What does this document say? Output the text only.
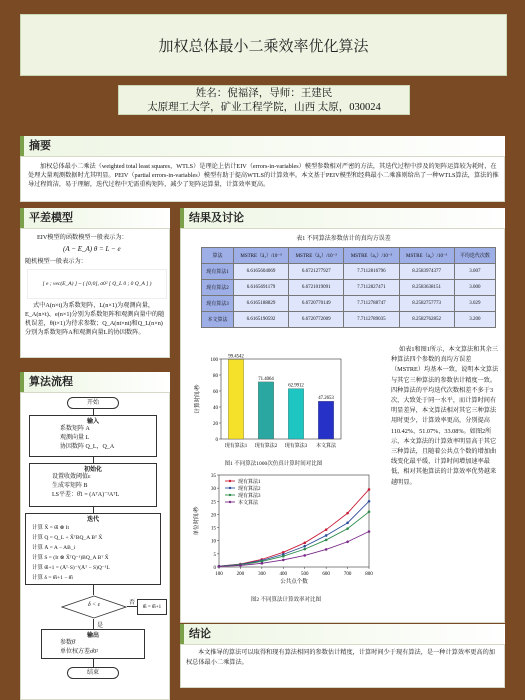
加权总体最小二乘效率优化算法
姓名：倪福泽，导师：王建民
太原理工大学，矿业工程学院，山西 太原，030024
摘要
加权总体最小二乘法（weighted total least squares，WTLS）是理论上估计EIV（errors-in-variables）模型参数相对严密的方法，其迭代过程中涉及的矩阵运算较为耗时，在处理大量观测数据时尤其明显。PEIV（partial errors-in-variables）模型有助于提高WTLS的计算效率。本文基于PEIV模型和经典最小二乘准则给出了一种WTLS算法，算法的推导过程简洁，易于理解，迭代过程中无需重构矩阵，减少了矩阵运算量，计算效率更高。
平差模型
EIV模型的函数模型一般表示为：
(A − E_A) θ = L − e
随机模型一般表示为：
[ e ; vec(E_A) ] ~ ( [0;0], σ0² [ Q_L 0 ; 0 Q_A ] )
式中A(n×t)为系数矩阵，L(n×1)为观测向量，E_A(n×t)、e(n×1)分别为系数矩阵和观测向量中的随机误差，θ(t×1)为待求参数；Q_A(nt×nt)和Q_L(n×n)分别为系数矩阵A和观测向量L的协因数阵。
算法流程
开始
输入
系数矩阵 A
观测向量 L
协因数阵 Q_L，Q_A
初始化
设置收敛阈值ε
生成零矩阵 B
LS平差：θ̂1 = (AᵀA)⁻¹AᵀL
迭代
计算 X̂ = θ̂i ⊗ It
计算 Q = Q_L + X̂ᵀBQ_A Bᵀ X̂
计算 Ā = A − AB_i
计算 S = (It ⊗ X̂ᵀQ⁻¹)BQ_A Bᵀ X̂
计算 θ̂i+1 = (Āᵀ·S)⁻¹(Āᵀ − S)Q⁻¹L
计算 δ = θ̂i+1 − θ̂i
δ < ε	否
θ̂i = θ̂i+1
是
输出
参数θ̂
单位权方差σ̂0²
结束
结果及讨论
表1 不同算法参数估计的真均方误差
算法	MSTRE（â₁）/10⁻³	MSTRE（â₂）/10⁻³	MSTRE（a₃）/10⁻³	MSTRE（a₄）/10⁻³	平均迭代次数
现有算法1	6.6165604069	6.6721277927	7.7112816796	8.2583974377	3.007
现有算法2	6.6165691179	6.6721019091	7.7112827471	8.2583638151	3.000
现有算法3	6.6165188829	6.6720770149	7.7112788747	8.2582757773	3.029
本文算法	6.6165190592	6.6720772009	7.7112789035	8.2582762852	3.200
0
20
40
60
80
100
计算时间/秒
99.4542
现有算法1
71.4064
现有算法2
62.9912
现有算法3
47.2653
本文算法
图1 不同算法1000次仿真计算时间对比图
0
5
10
15
20
25
30
35
100	200	300	400	500	600	700	800
公共点个数
单位时间/秒
现有算法1
现有算法2
现有算法3
本文算法
图2 不同算法计算效率对比图
如表1和图1所示，本文算法和其余三种算法四个参数的真均方误差（MSTRE）均基本一致，说明本文算法与其它三种算法的参数估计精度一致。四种算法的平均迭代次数相差不多于3次，大致处于同一水平，而计算时间有明显差异，本文算法相对其它三种算法用时更少，计算效率更高，分别提高110.42%、51.07%、33.08%。如图2所示，本文算法的计算效率明显高于其它三种算法，且随着公共点个数的增加曲线变化最平缓，计算时间增加速率最低，相对其他算法的计算效率优势越来越明显。
结论
本文推导的算法可以取得和现有算法相同的参数估计精度，计算时间少于现有算法，是一种计算效率更高的加权总体最小二乘算法。
